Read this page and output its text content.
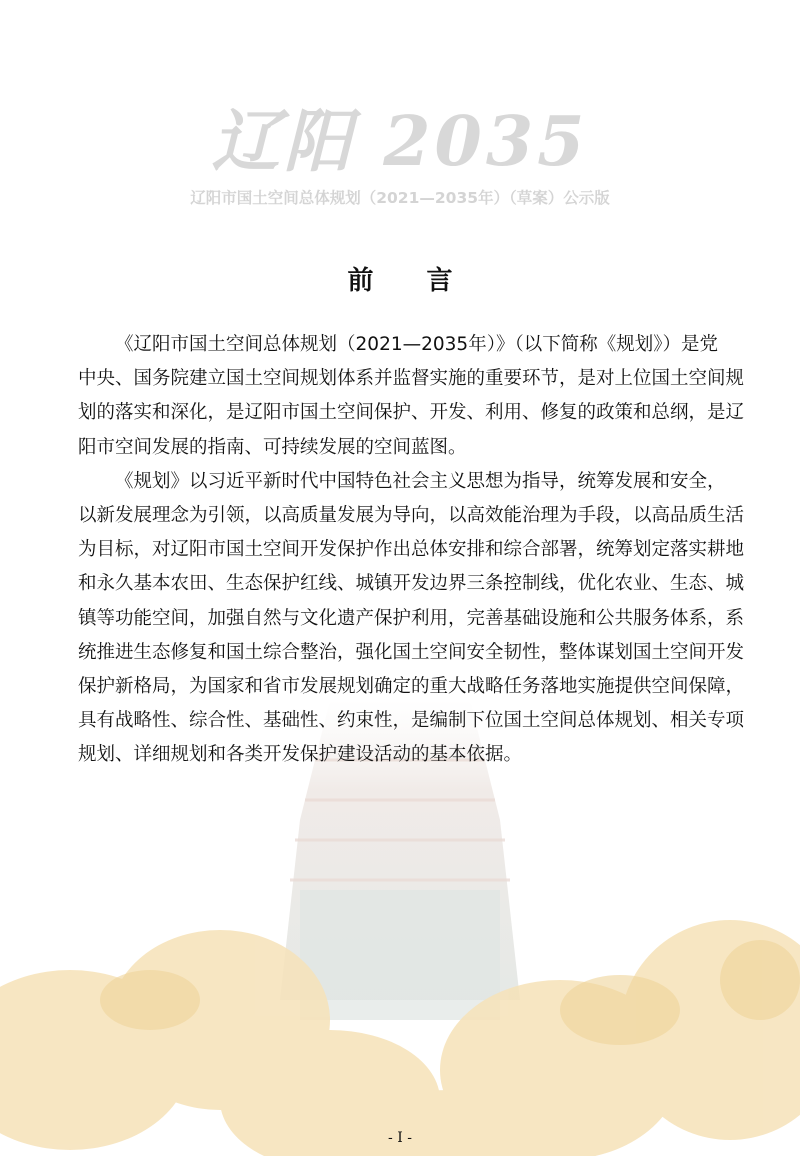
辽阳 2035
辽阳市国土空间总体规划（2021—2035年）（草案）公示版
前 言
《辽阳市国土空间总体规划（2021—2035年）》（以下简称《规划》）是党
中央、国务院建立国土空间规划体系并监督实施的重要环节，是对上位国土空间规
划的落实和深化，是辽阳市国土空间保护、开发、利用、修复的政策和总纲，是辽
阳市空间发展的指南、可持续发展的空间蓝图。
《规划》以习近平新时代中国特色社会主义思想为指导，统筹发展和安全，
以新发展理念为引领，以高质量发展为导向，以高效能治理为手段，以高品质生活
为目标，对辽阳市国土空间开发保护作出总体安排和综合部署，统筹划定落实耕地
和永久基本农田、生态保护红线、城镇开发边界三条控制线，优化农业、生态、城
镇等功能空间，加强自然与文化遗产保护利用，完善基础设施和公共服务体系，系
统推进生态修复和国土综合整治，强化国土空间安全韧性，整体谋划国土空间开发
保护新格局，为国家和省市发展规划确定的重大战略任务落地实施提供空间保障，
具有战略性、综合性、基础性、约束性，是编制下位国土空间总体规划、相关专项
规划、详细规划和各类开发保护建设活动的基本依据。
- I -
